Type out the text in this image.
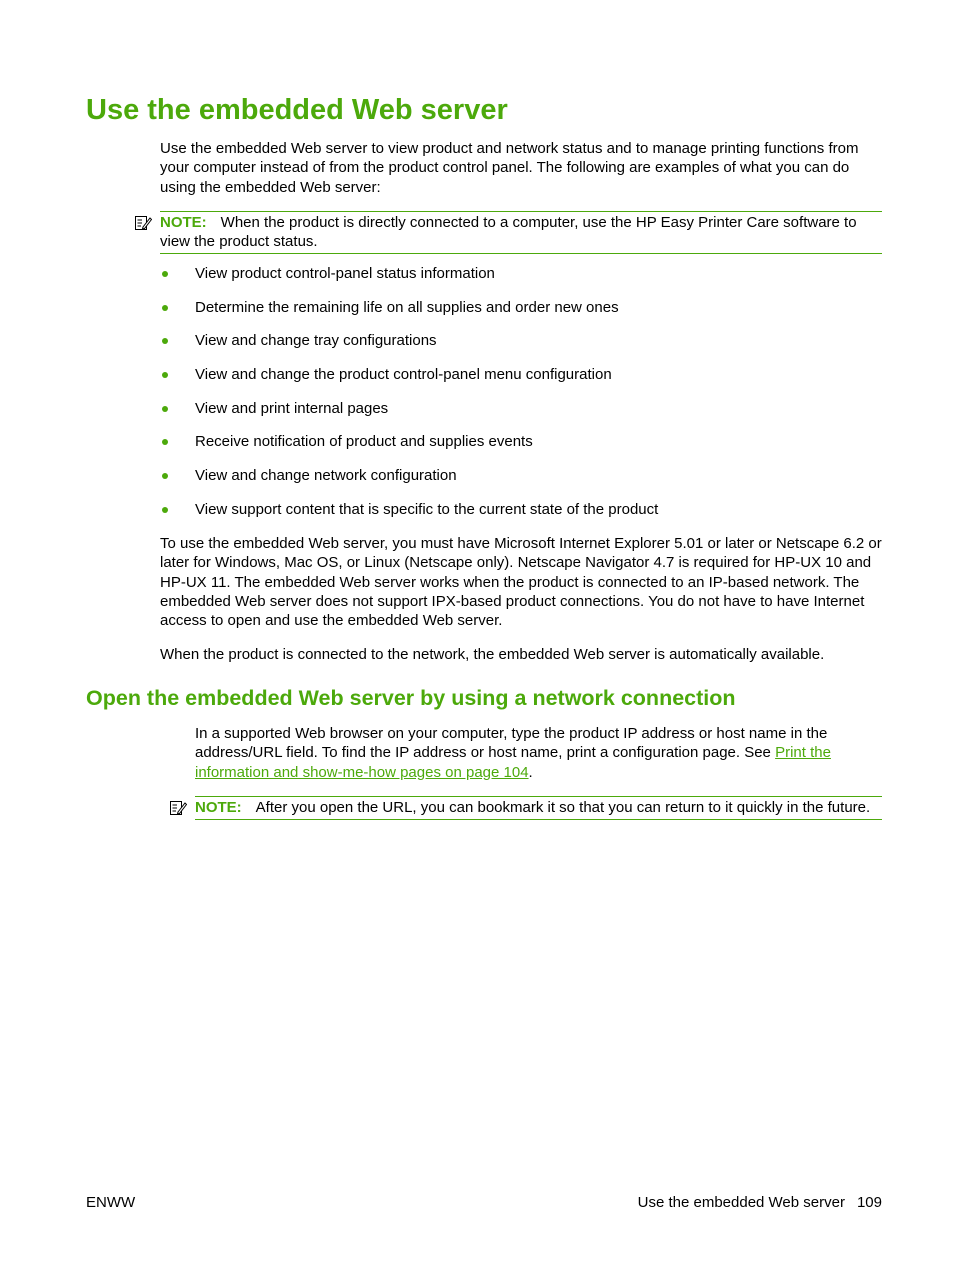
Use the embedded Web server

Use the embedded Web server to view product and network status and to manage printing functions from your computer instead of from the product control panel. The following are examples of what you can do using the embedded Web server:

NOTE: When the product is directly connected to a computer, use the HP Easy Printer Care software to view the product status.
View product control-panel status information
Determine the remaining life on all supplies and order new ones
View and change tray configurations
View and change the product control-panel menu configuration
View and print internal pages
Receive notification of product and supplies events
View and change network configuration
View support content that is specific to the current state of the product

To use the embedded Web server, you must have Microsoft Internet Explorer 5.01 or later or Netscape 6.2 or later for Windows, Mac OS, or Linux (Netscape only). Netscape Navigator 4.7 is required for HP-UX 10 and HP-UX 11. The embedded Web server works when the product is connected to an IP-based network. The embedded Web server does not support IPX-based product connections. You do not have to have Internet access to open and use the embedded Web server.

When the product is connected to the network, the embedded Web server is automatically available.

Open the embedded Web server by using a network connection

In a supported Web browser on your computer, type the product IP address or host name in the address/URL field. To find the IP address or host name, print a configuration page. See Print the information and show-me-how pages on page 104.

NOTE: After you open the URL, you can bookmark it so that you can return to it quickly in the future.
ENWW	Use the embedded Web server 109
